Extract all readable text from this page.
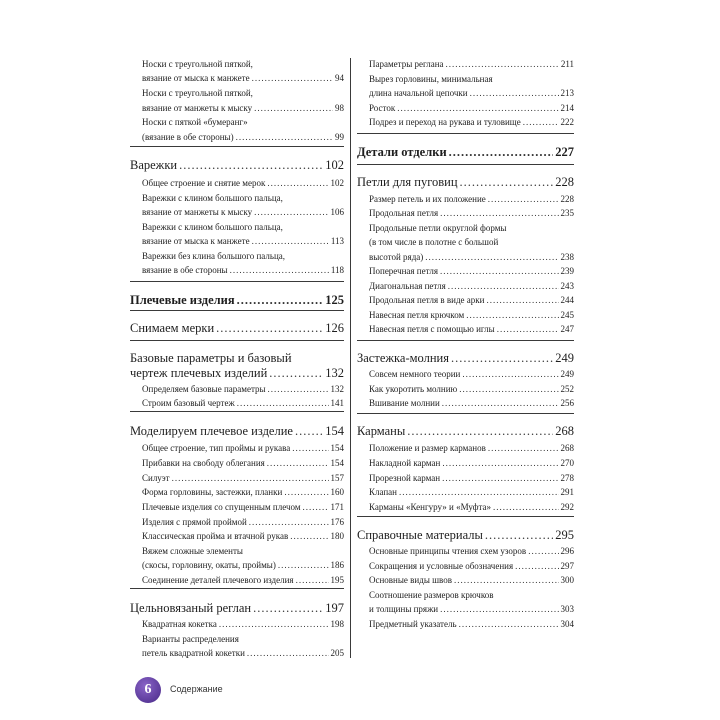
Носки с треугольной пяткой,
вязание от мыска к манжете .....	94
Носки с треугольной пяткой,
вязание от манжеты к мыску .....	98
Носки с пяткой «бумеранг»
(вязание в обе стороны) .....	99
Варежки .....	102
Общее строение и снятие мерок .....	102
Варежки с клином большого пальца,
вязание от манжеты к мыску .....	106
Варежки с клином большого пальца,
вязание от мыска к манжете .....	113
Варежки без клина большого пальца,
вязание в обе стороны .....	118
Плечевые изделия .....	125
Снимаем мерки .....	126
Базовые параметры и базовый
чертеж плечевых изделий .....	132
Определяем базовые параметры .....	132
Строим базовый чертеж .....	141
Моделируем плечевое изделие .....	154
Общее строение, тип проймы и рукава .....	154
Прибавки на свободу облегания .....	154
Силуэт .....	157
Форма горловины, застежки, планки .....	160
Плечевые изделия со спущенным плечом .....	171
Изделия с прямой проймой .....	176
Классическая пройма и втачной рукав .....	180
Вяжем сложные элементы
(скосы, горловину, окаты, проймы) .....	186
Соединение деталей плечевого изделия .....	195
Цельновязаный реглан .....	197
Квадратная кокетка .....	198
Варианты распределения
петель квадратной кокетки .....	205
Параметры реглана .....	211
Вырез горловины, минимальная
длина начальной цепочки .....	213
Росток .....	214
Подрез и переход на рукава и туловище .....	222
Детали отделки .....	227
Петли для пуговиц .....	228
Размер петель и их положение .....	228
Продольная петля .....	235
Продольные петли округлой формы
(в том числе в полотне с большой
высотой ряда) .....	238
Поперечная петля .....	239
Диагональная петля .....	243
Продольная петля в виде арки .....	244
Навесная петля крючком .....	245
Навесная петля с помощью иглы .....	247
Застежка-молния .....	249
Совсем немного теории .....	249
Как укоротить молнию .....	252
Вшивание молнии .....	256
Карманы .....	268
Положение и размер карманов .....	268
Накладной карман .....	270
Прорезной карман .....	278
Клапан .....	291
Карманы «Кенгуру» и «Муфта» .....	292
Справочные материалы .....	295
Основные принципы чтения схем узоров .....	296
Сокращения и условные обозначения .....	297
Основные виды швов .....	300
Соотношение размеров крючков
и толщины пряжи .....	303
Предметный указатель .....	304
6	Содержание
